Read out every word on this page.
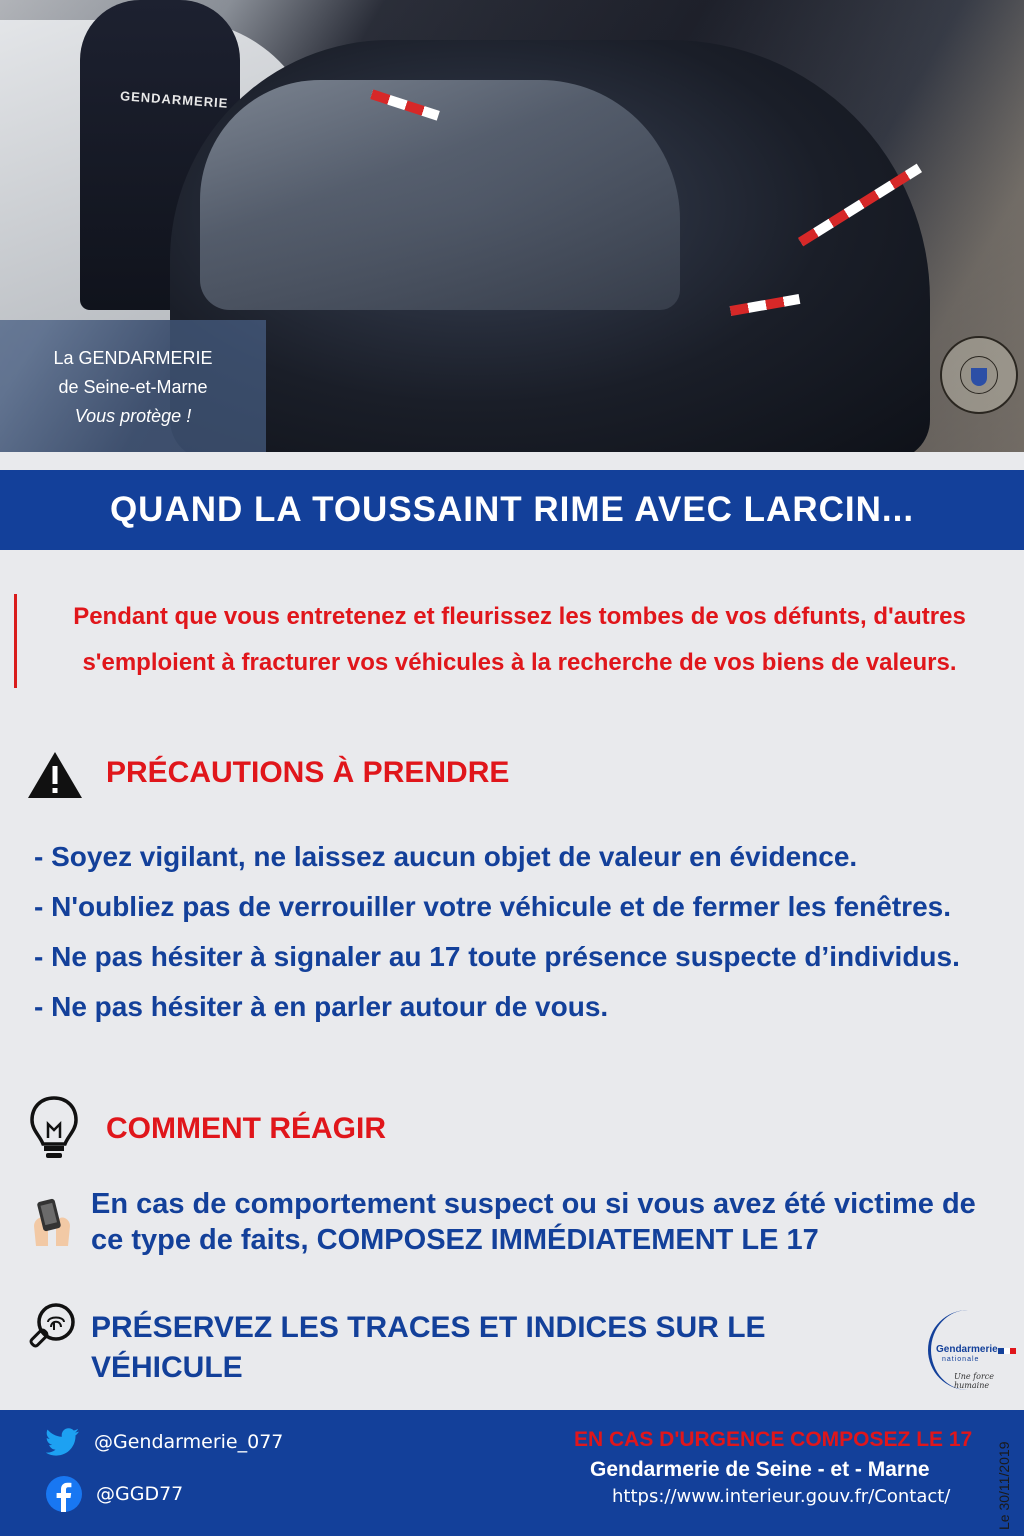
GENDARMERIE
La GENDARMERIE
de Seine-et-Marne
Vous protège !
QUAND LA TOUSSAINT RIME AVEC LARCIN...
Pendant que vous entretenez et fleurissez les tombes de vos défunts, d'autres s'emploient à fracturer vos véhicules à la recherche de vos biens de valeurs.
PRÉCAUTIONS À PRENDRE
- Soyez vigilant, ne laissez aucun objet de valeur en évidence.
- N'oubliez pas de verrouiller votre véhicule et de fermer les fenêtres.
- Ne pas hésiter à signaler au 17 toute présence suspecte d’individus.
- Ne pas hésiter à en parler autour de vous.
COMMENT RÉAGIR
En cas de comportement suspect ou si vous avez été victime de ce type de faits, COMPOSEZ IMMÉDIATEMENT LE 17
PRÉSERVEZ LES TRACES ET INDICES SUR LE VÉHICULE
Gendarmerie
nationale
Une force humaine
@Gendarmerie_077
@GGD77
EN CAS D'URGENCE COMPOSEZ LE 17
Gendarmerie de Seine - et - Marne
https://www.interieur.gouv.fr/Contact/	Le 30/11/2019
